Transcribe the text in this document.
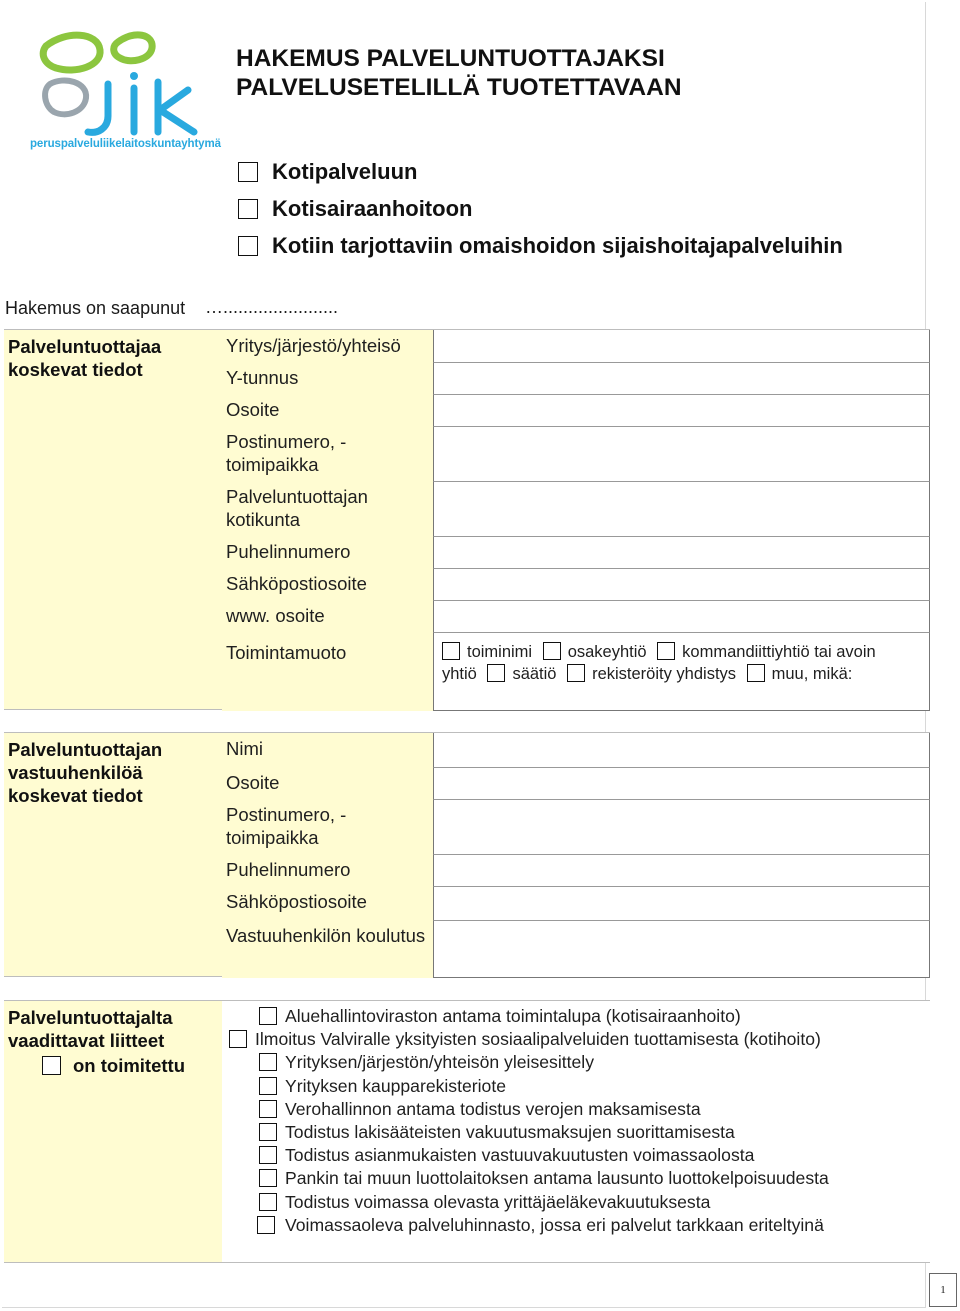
peruspalveluliikelaitoskuntayhtymä
HAKEMUS PALVELUNTUOTTAJAKSI
PALVELUSETELILLÄ TUOTETTAVAAN
Kotipalveluun
Kotisairaanhoitoon
Kotiin tarjottaviin omaishoidon sijaishoitajapalveluihin
Hakemus on saapunut ….......................
Palveluntuottajaa koskevat tiedot
Yritys/järjestö/yhteisö
Y-tunnus
Osoite
Postinumero, - toimipaikka
Palveluntuottajan kotikunta
Puhelinnumero
Sähköpostiosoite
www. osoite
Toimintamuoto	toiminimi osakeyhtiö kommandiittiyhtiö tai avoin yhtiö säätiö rekisteröity yhdistys muu, mikä:
Palveluntuottajan vastuuhenkilöä koskevat tiedot
Nimi
Osoite
Postinumero, - toimipaikka
Puhelinnumero
Sähköpostiosoite
Vastuuhenkilön koulutus
Palveluntuottajalta vaadittavat liitteet
on toimitettu
Aluehallintoviraston antama toimintalupa (kotisairaanhoito)
Ilmoitus Valviralle yksityisten sosiaalipalveluiden tuottamisesta (kotihoito)
Yrityksen/järjestön/yhteisön yleisesittely
Yrityksen kaupparekisteriote
Verohallinnon antama todistus verojen maksamisesta
Todistus lakisääteisten vakuutusmaksujen suorittamisesta
Todistus asianmukaisten vastuuvakuutusten voimassaolosta
Pankin tai muun luottolaitoksen antama lausunto luottokelpoisuudesta
Todistus voimassa olevasta yrittäjäeläkevakuutuksesta
Voimassaoleva palveluhinnasto, jossa eri palvelut tarkkaan eriteltyinä
1
